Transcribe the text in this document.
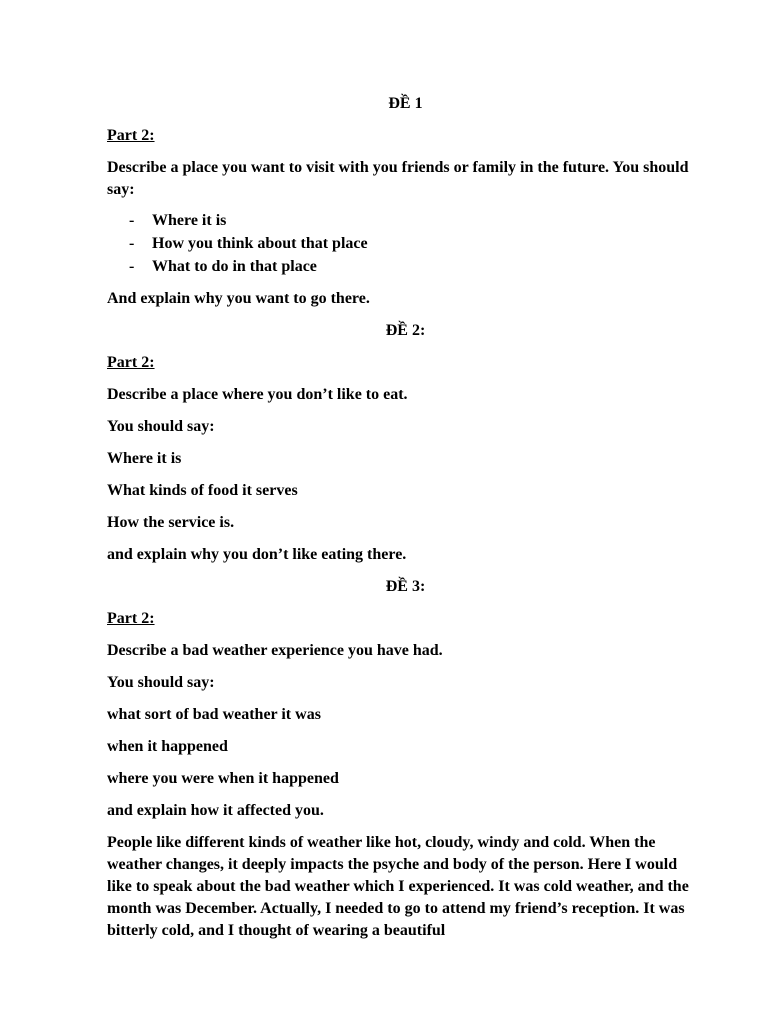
ĐỀ 1
Part 2:
Describe a place you want to visit with you friends or family in the future. You should say:
- Where it is
- How you think about that place
- What to do in that place
And explain why you want to go there.
ĐỀ 2:
Part 2:
Describe a place where you don’t like to eat.
You should say:
Where it is
What kinds of food it serves
How the service is.
and explain why you don’t like eating there.
ĐỀ 3:
Part 2:
Describe a bad weather experience you have had.
You should say:
what sort of bad weather it was
when it happened
where you were when it happened
and explain how it affected you.
People like different kinds of weather like hot, cloudy, windy and cold. When the weather changes, it deeply impacts the psyche and body of the person. Here I would like to speak about the bad weather which I experienced. It was cold weather, and the month was December. Actually, I needed to go to attend my friend’s reception. It was bitterly cold, and I thought of wearing a beautiful
